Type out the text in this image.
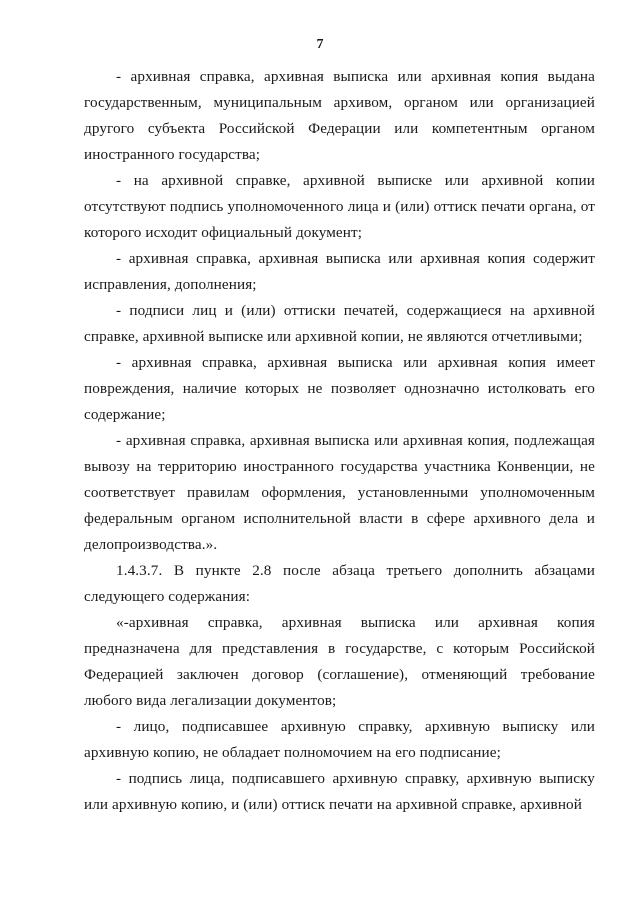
7

- архивная справка, архивная выписка или архивная копия выдана государственным, муниципальным архивом, органом или организацией другого субъекта Российской Федерации или компетентным органом иностранного государства;

- на архивной справке, архивной выписке или архивной копии отсутствуют подпись уполномоченного лица и (или) оттиск печати органа, от которого исходит официальный документ;

- архивная справка, архивная выписка или архивная копия содержит исправления, дополнения;

- подписи лиц и (или) оттиски печатей, содержащиеся на архивной справке, архивной выписке или архивной копии, не являются отчетливыми;

- архивная справка, архивная выписка или архивная копия имеет повреждения, наличие которых не позволяет однозначно истолковать его содержание;

- архивная справка, архивная выписка или архивная копия, подлежащая вывозу на территорию иностранного государства участника Конвенции, не соответствует правилам оформления, установленными уполномоченным федеральным органом исполнительной власти в сфере архивного дела и делопроизводства.».

1.4.3.7. В пункте 2.8 после абзаца третьего дополнить абзацами следующего содержания:

«-архивная справка, архивная выписка или архивная копия предназначена для представления в государстве, с которым Российской Федерацией заключен договор (соглашение), отменяющий требование любого вида легализации документов;

- лицо, подписавшее архивную справку, архивную выписку или архивную копию, не обладает полномочием на его подписание;

- подпись лица, подписавшего архивную справку, архивную выписку или архивную копию, и (или) оттиск печати на архивной справке, архивной
